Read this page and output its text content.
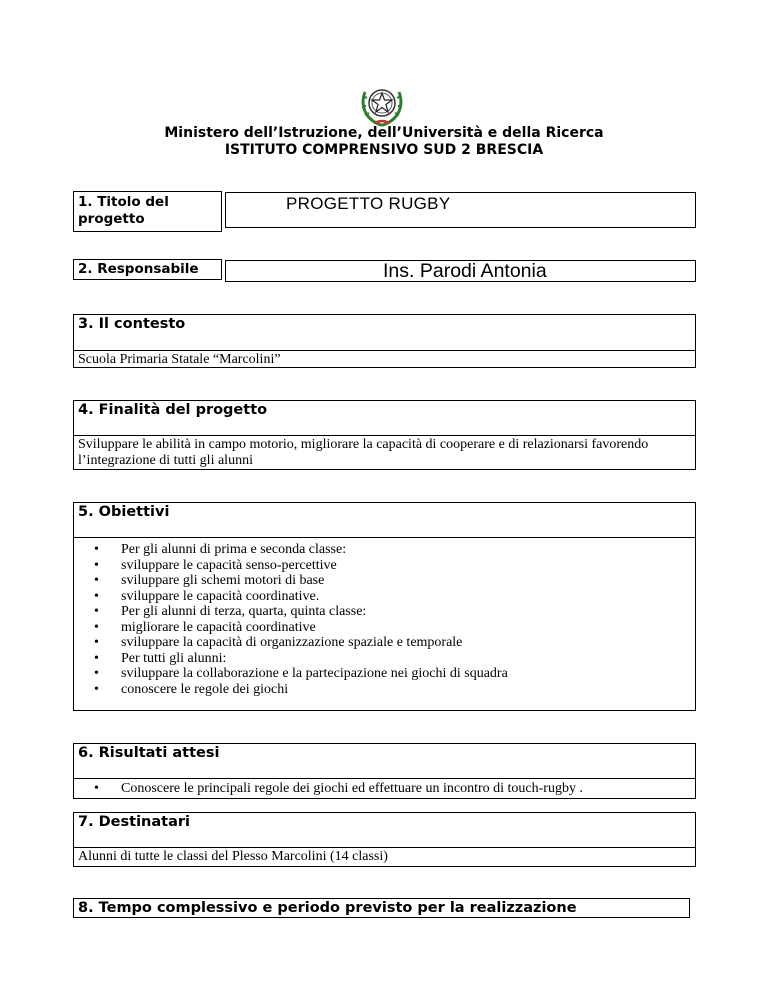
Ministero dell’Istruzione, dell’Università e della Ricerca
ISTITUTO COMPRENSIVO SUD 2 BRESCIA
1. Titolo del progetto
PROGETTO RUGBY
2. Responsabile	Ins. Parodi Antonia
3. Il contesto
Scuola Primaria Statale “Marcolini”
4. Finalità del progetto
Sviluppare le abilità in campo motorio, migliorare la capacità di cooperare e di relazionarsi favorendo l’integrazione di tutti gli alunni
5. Obiettivi
• Per gli alunni di prima e seconda classe:
• sviluppare le capacità senso-percettive
• sviluppare gli schemi motori di base
• sviluppare le capacità coordinative.
• Per gli alunni di terza, quarta, quinta classe:
• migliorare le capacità coordinative
• sviluppare la capacità di organizzazione spaziale e temporale
• Per tutti gli alunni:
• sviluppare la collaborazione e la partecipazione nei giochi di squadra
• conoscere le regole dei giochi
6. Risultati attesi
• Conoscere le principali regole dei giochi ed effettuare un incontro di touch-rugby .
7. Destinatari
Alunni di tutte le classi del Plesso Marcolini (14 classi)
8. Tempo complessivo e periodo previsto per la realizzazione
